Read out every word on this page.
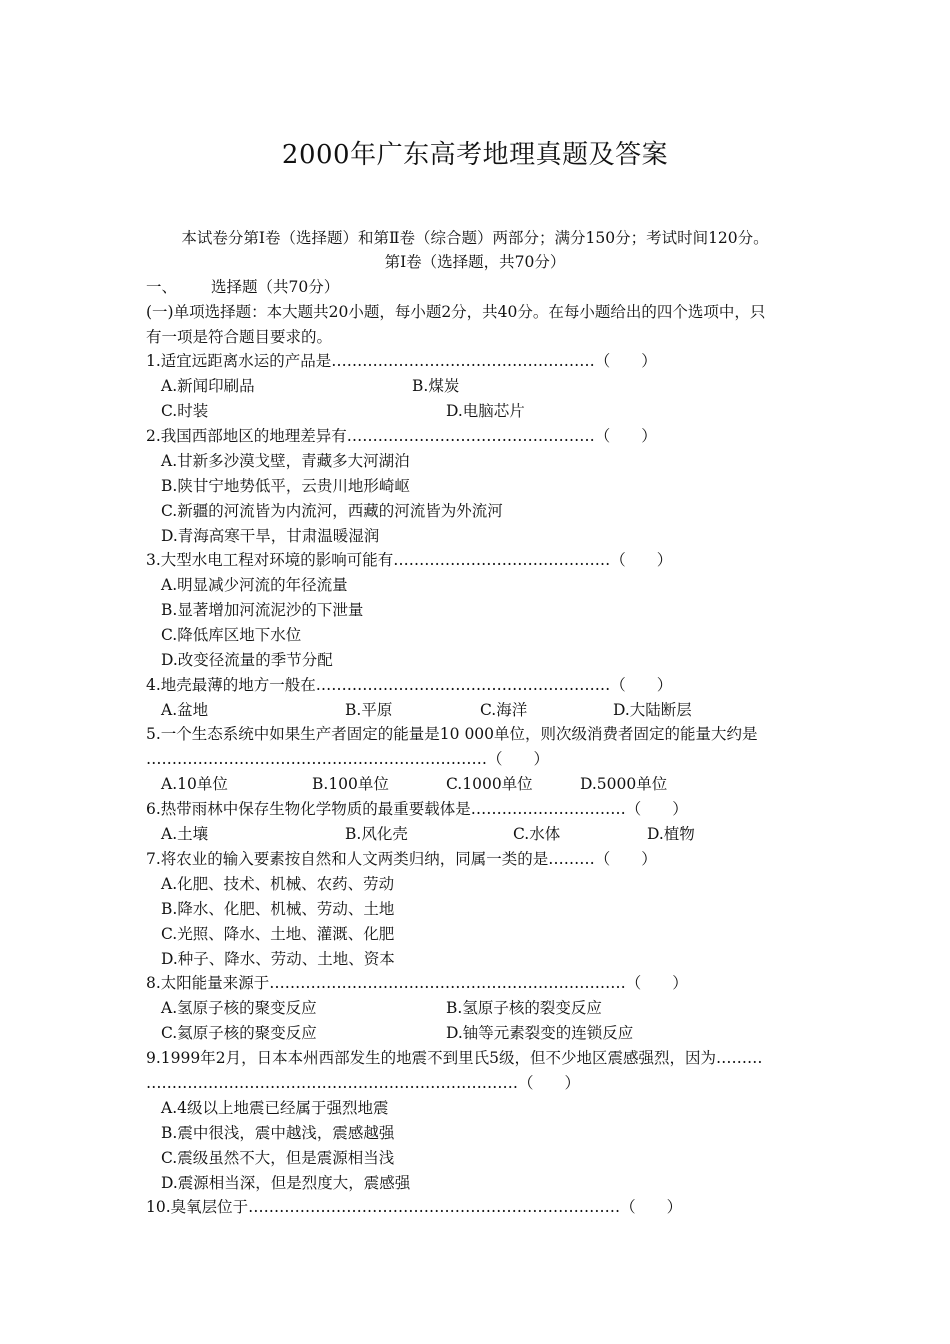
2000年广东高考地理真题及答案
本试卷分第Ⅰ卷（选择题）和第Ⅱ卷（综合题）两部分；满分150分；考试时间120分。
第Ⅰ卷（选择题，共70分）
一、 选择题（共70分）
(一)单项选择题：本大题共20小题，每小题2分，共40分。在每小题给出的四个选项中，只
有一项是符合题目要求的。
1.适宜远距离水运的产品是……………………………………………（　　）
A.新闻印刷品	B.煤炭
C.时装	D.电脑芯片
2.我国西部地区的地理差异有…………………………………………（　　）
A.甘新多沙漠戈壁，青藏多大河湖泊
B.陕甘宁地势低平，云贵川地形崎岖
C.新疆的河流皆为内流河，西藏的河流皆为外流河
D.青海高寒干旱，甘肃温暖湿润
3.大型水电工程对环境的影响可能有……………………………………（　　）
A.明显减少河流的年径流量
B.显著增加河流泥沙的下泄量
C.降低库区地下水位
D.改变径流量的季节分配
4.地壳最薄的地方一般在…………………………………………………（　　）
A.盆地	B.平原	C.海洋	D.大陆断层
5.一个生态系统中如果生产者固定的能量是10 000单位，则次级消费者固定的能量大约是
…………………………………………………………（　　）
A.10单位	B.100单位	C.1000单位	D.5000单位
6.热带雨林中保存生物化学物质的最重要载体是…………………………（　　）
A.土壤	B.风化壳	C.水体	D.植物
7.将农业的输入要素按自然和人文两类归纳，同属一类的是………（　　）
A.化肥、技术、机械、农药、劳动
B.降水、化肥、机械、劳动、土地
C.光照、降水、土地、灌溉、化肥
D.种子、降水、劳动、土地、资本
8.太阳能量来源于……………………………………………………………（　　）
A.氢原子核的聚变反应	B.氢原子核的裂变反应
C.氦原子核的聚变反应	D.铀等元素裂变的连锁反应
9.1999年2月，日本本州西部发生的地震不到里氏5级，但不少地区震感强烈，因为………
………………………………………………………………（　　）
A.4级以上地震已经属于强烈地震
B.震中很浅，震中越浅，震感越强
C.震级虽然不大，但是震源相当浅
D.震源相当深，但是烈度大，震感强
10.臭氧层位于………………………………………………………………（　　）
